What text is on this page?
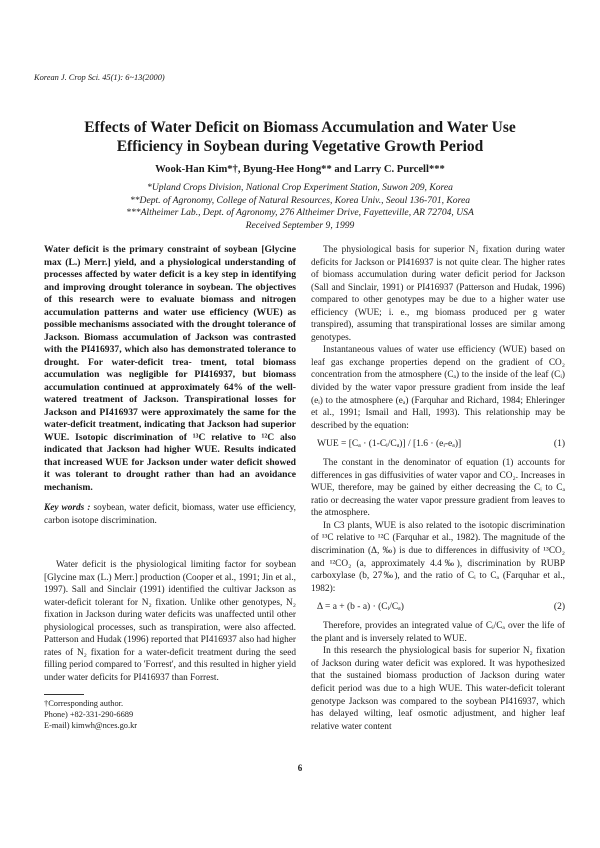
Korean J. Crop Sci. 45(1): 6~13(2000)
Effects of Water Deficit on Biomass Accumulation and Water Use
Efficiency in Soybean during Vegetative Growth Period
Wook-Han Kim*†, Byung-Hee Hong** and Larry C. Purcell***
*Upland Crops Division, National Crop Experiment Station, Suwon 209, Korea
**Dept. of Agronomy, College of Natural Resources, Korea Univ., Seoul 136-701, Korea
***Altheimer Lab., Dept. of Agronomy, 276 Altheimer Drive, Fayetteville, AR 72704, USA
Received September 9, 1999

Water deficit is the primary constraint of soybean [Glycine max (L.) Merr.] yield, and a physiological understanding of processes affected by water deficit is a key step in identifying and improving drought tolerance in soybean. The objectives of this research were to evaluate biomass and nitrogen accumulation patterns and water use efficiency (WUE) as possible mechanisms associated with the drought tolerance of Jackson. Biomass accumulation of Jackson was contrasted with the PI416937, which also has demonstrated tolerance to drought. For water-deficit trea- tment, total biomass accumulation was negligible for PI416937, but biomass accumulation continued at approximately 64% of the well-watered treatment of Jackson. Transpirational losses for Jackson and PI416937 were approximately the same for the water-deficit treatment, indicating that Jackson had superior WUE. Isotopic discrimination of ¹³C relative to ¹²C also indicated that Jackson had higher WUE. Results indicated that increased WUE for Jackson under water deficit showed it was tolerant to drought rather than had an avoidance mechanism.

Key words : soybean, water deficit, biomass, water use efficiency, carbon isotope discrimination.

Water deficit is the physiological limiting factor for soybean [Glycine max (L.) Merr.] production (Cooper et al., 1991; Jin et al., 1997). Sall and Sinclair (1991) identified the cultivar Jackson as water-deficit tolerant for N₂ fixation. Unlike other genotypes, N₂ fixation in Jackson during water deficits was unaffected until other physiological processes, such as transpiration, were also affected. Patterson and Hudak (1996) reported that PI416937 also had higher rates of N₂ fixation for a water-deficit treatment during the seed filling period compared to 'Forrest', and this resulted in higher yield under water deficits for PI416937 than Forrest.

The physiological basis for superior N₂ fixation during water deficits for Jackson or PI416937 is not quite clear. The higher rates of biomass accumulation during water deficit period for Jackson (Sall and Sinclair, 1991) or PI416937 (Patterson and Hudak, 1996) compared to other genotypes may be due to a higher water use efficiency (WUE; i. e., mg biomass produced per g water transpired), assuming that transpirational losses are similar among genotypes.

Instantaneous values of water use efficiency (WUE) based on leaf gas exchange properties depend on the gradient of CO₂ concentration from the atmosphere (Cₐ) to the inside of the leaf (Cᵢ) divided by the water vapor pressure gradient from inside the leaf (eᵢ) to the atmosphere (eₐ) (Farquhar and Richard, 1984; Ehleringer et al., 1991; Ismail and Hall, 1993). This relationship may be described by the equation:

WUE = [Cₐ · (1-Cᵢ/Cₐ)] / [1.6 · (eᵢ-eₐ)]	(1)

The constant in the denominator of equation (1) accounts for differences in gas diffusivities of water vapor and CO₂. Increases in WUE, therefore, may be gained by either decreasing the Cᵢ to Cₐ ratio or decreasing the water vapor pressure gradient from leaves to the atmosphere.

In C3 plants, WUE is also related to the isotopic discrimination of ¹³C relative to ¹²C (Farquhar et al., 1982). The magnitude of the discrimination (Δ, ‰) is due to differences in diffusivity of ¹³CO₂ and ¹²CO₂ (a, approximately 4.4‰), discrimination by RUBP carboxylase (b, 27‰), and the ratio of Cᵢ to Cₐ (Farquhar et al., 1982):

Δ = a + (b - a) · (Cᵢ/Cₐ)	(2)

Therefore, provides an integrated value of Cᵢ/Cₐ over the life of the plant and is inversely related to WUE.

In this research the physiological basis for superior N₂ fixation of Jackson during water deficit was explored. It was hypothesized that the sustained biomass production of Jackson during water deficit period was due to a high WUE. This water-deficit tolerant genotype Jackson was compared to the soybean PI416937, which has delayed wilting, leaf osmotic adjustment, and higher leaf relative water content

†Corresponding author.
Phone) +82-331-290-6689
E-mail) kimwh@nces.go.kr
6
